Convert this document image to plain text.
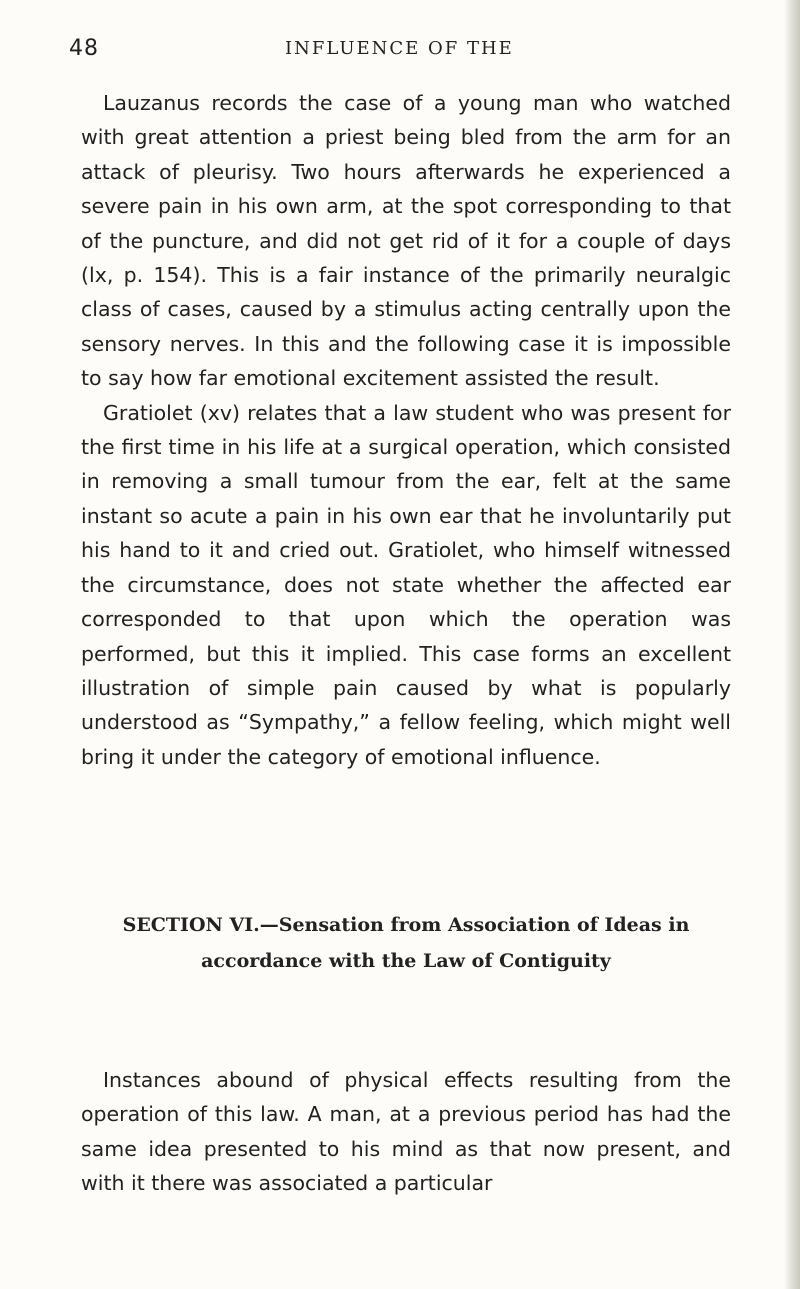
48	INFLUENCE OF THE

Lauzanus records the case of a young man who watched with great attention a priest being bled from the arm for an attack of pleurisy. Two hours afterwards he experienced a severe pain in his own arm, at the spot corresponding to that of the puncture, and did not get rid of it for a couple of days (lx, p. 154). This is a fair instance of the primarily neuralgic class of cases, caused by a stimulus acting centrally upon the sensory nerves. In this and the following case it is impossible to say how far emotional excitement assisted the result.

Gratiolet (xv) relates that a law student who was present for the first time in his life at a surgical operation, which consisted in removing a small tumour from the ear, felt at the same instant so acute a pain in his own ear that he involuntarily put his hand to it and cried out. Gratiolet, who himself witnessed the circumstance, does not state whether the affected ear corresponded to that upon which the operation was performed, but this it implied. This case forms an excellent illustration of simple pain caused by what is popularly understood as “Sympathy,” a fellow feeling, which might well bring it under the category of emotional influence.

SECTION VI.—Sensation from Association of Ideas in
accordance with the Law of Contiguity

Instances abound of physical effects resulting from the operation of this law. A man, at a previous period has had the same idea presented to his mind as that now present, and with it there was associated a particular
